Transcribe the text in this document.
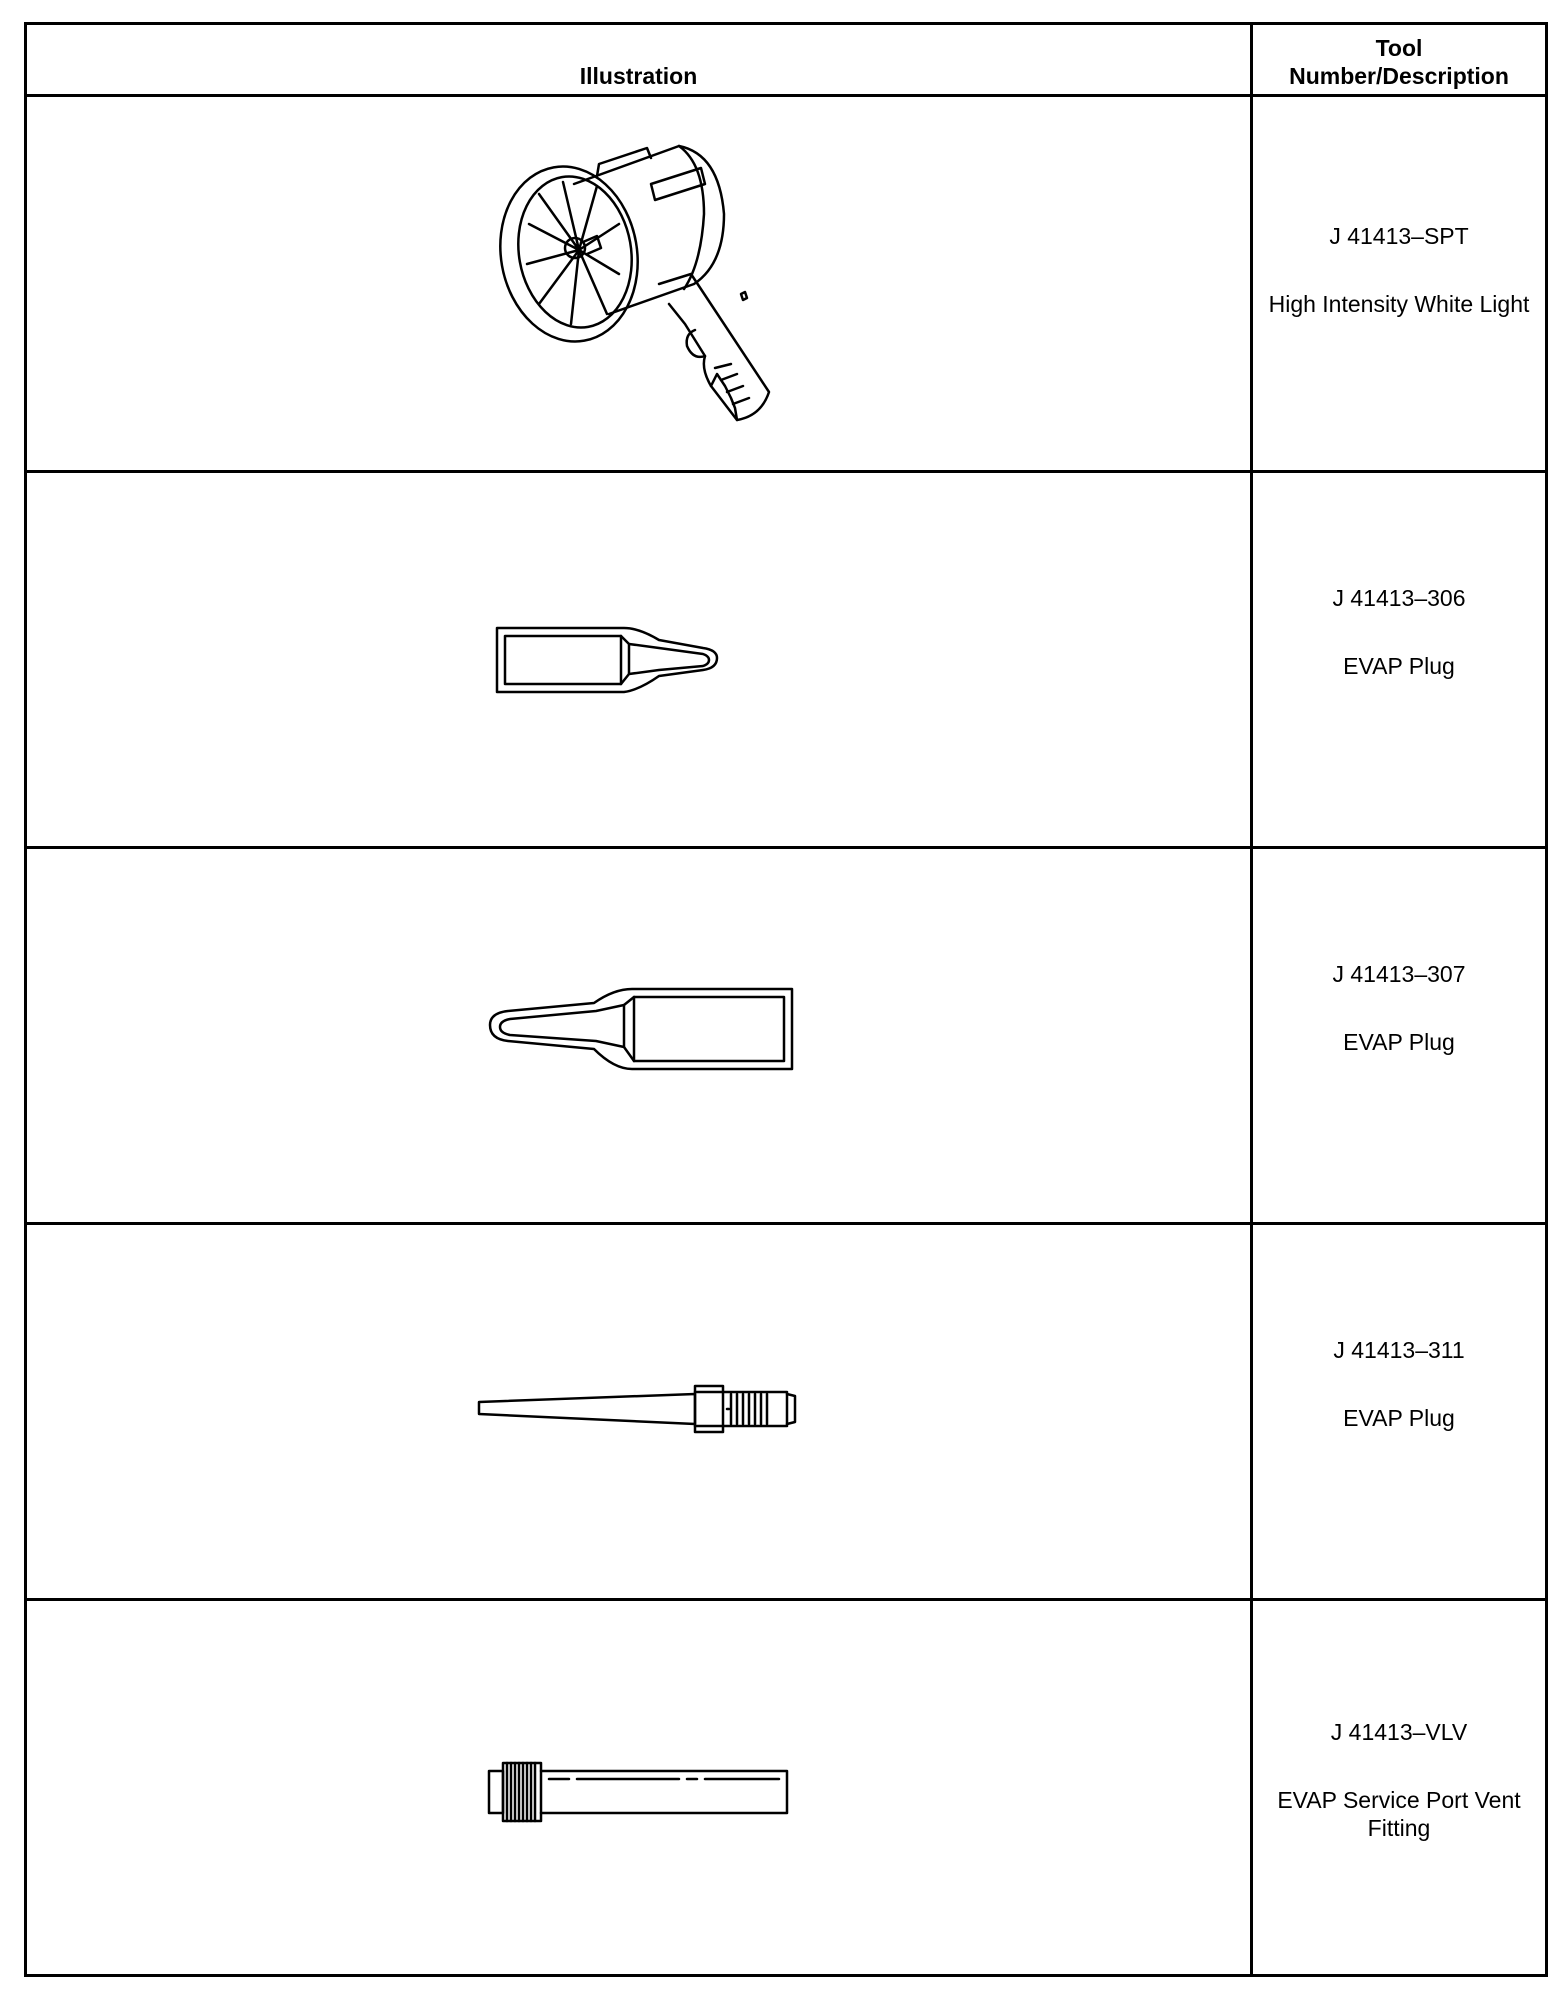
Illustration	Tool
Number/Description

J 41413–SPT
High Intensity White Light

J 41413–306
EVAP Plug

J 41413–307
EVAP Plug

J 41413–311
EVAP Plug

J 41413–VLV
EVAP Service Port Vent Fitting
